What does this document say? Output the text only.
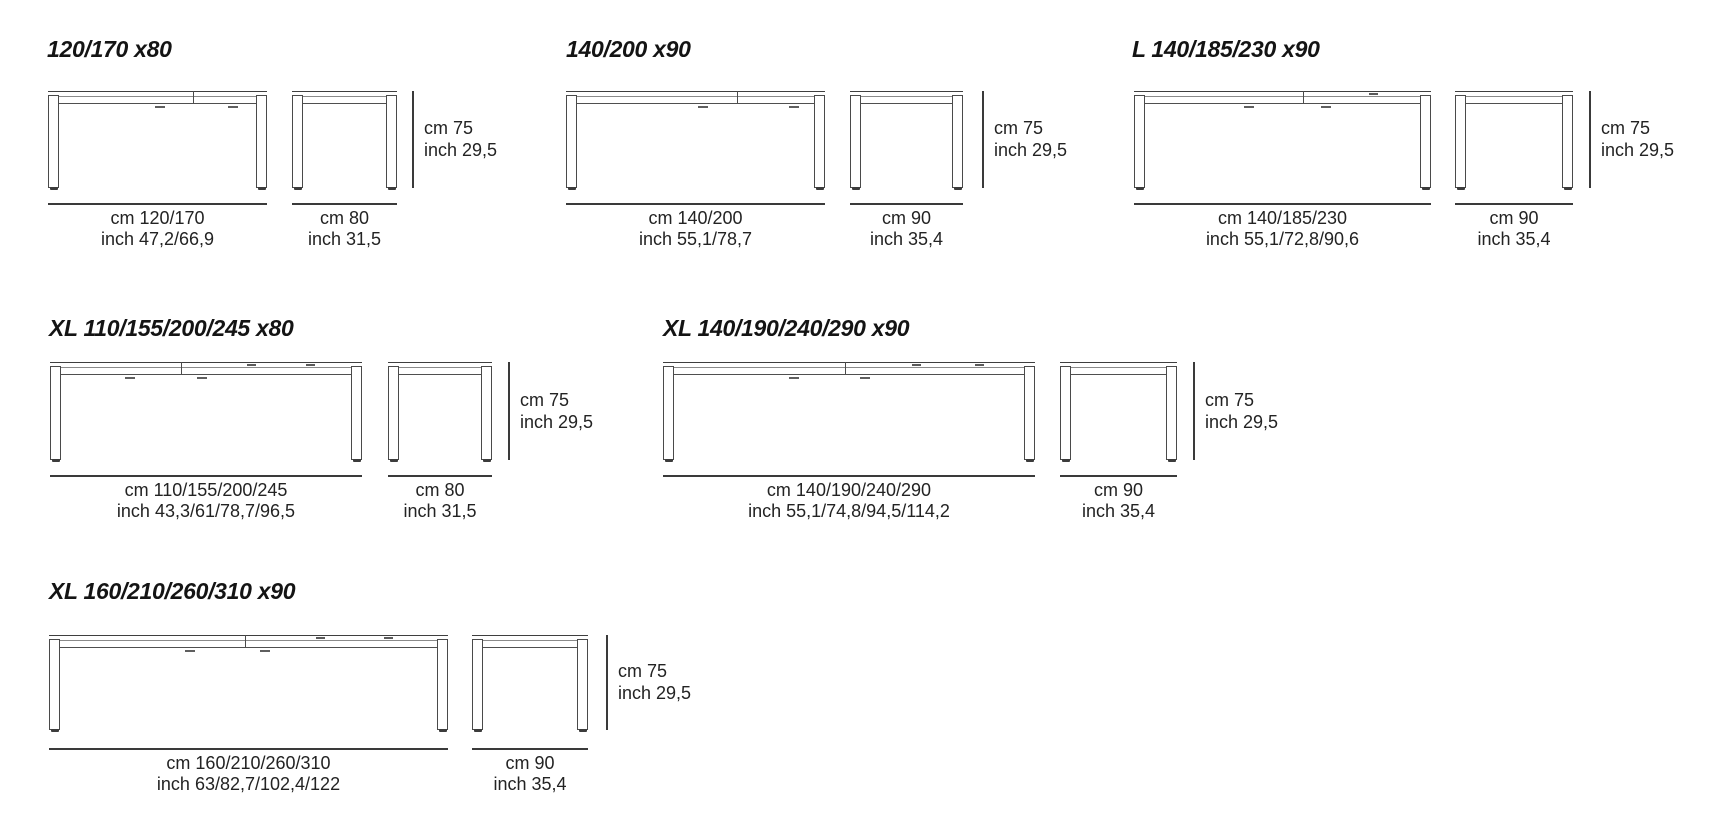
120/170 x80
cm 120/170
inch 47,2/66,9
cm 80
inch 31,5
cm 75
inch 29,5
140/200 x90
cm 140/200
inch 55,1/78,7
cm 90
inch 35,4
cm 75
inch 29,5
L 140/185/230 x90
cm 140/185/230
inch 55,1/72,8/90,6
cm 90
inch 35,4
cm 75
inch 29,5
XL 110/155/200/245 x80
cm 110/155/200/245
inch 43,3/61/78,7/96,5
cm 80
inch 31,5
cm 75
inch 29,5
XL 140/190/240/290 x90
cm 140/190/240/290
inch 55,1/74,8/94,5/114,2
cm 90
inch 35,4
cm 75
inch 29,5
XL 160/210/260/310 x90
cm 160/210/260/310
inch 63/82,7/102,4/122
cm 90
inch 35,4
cm 75
inch 29,5
